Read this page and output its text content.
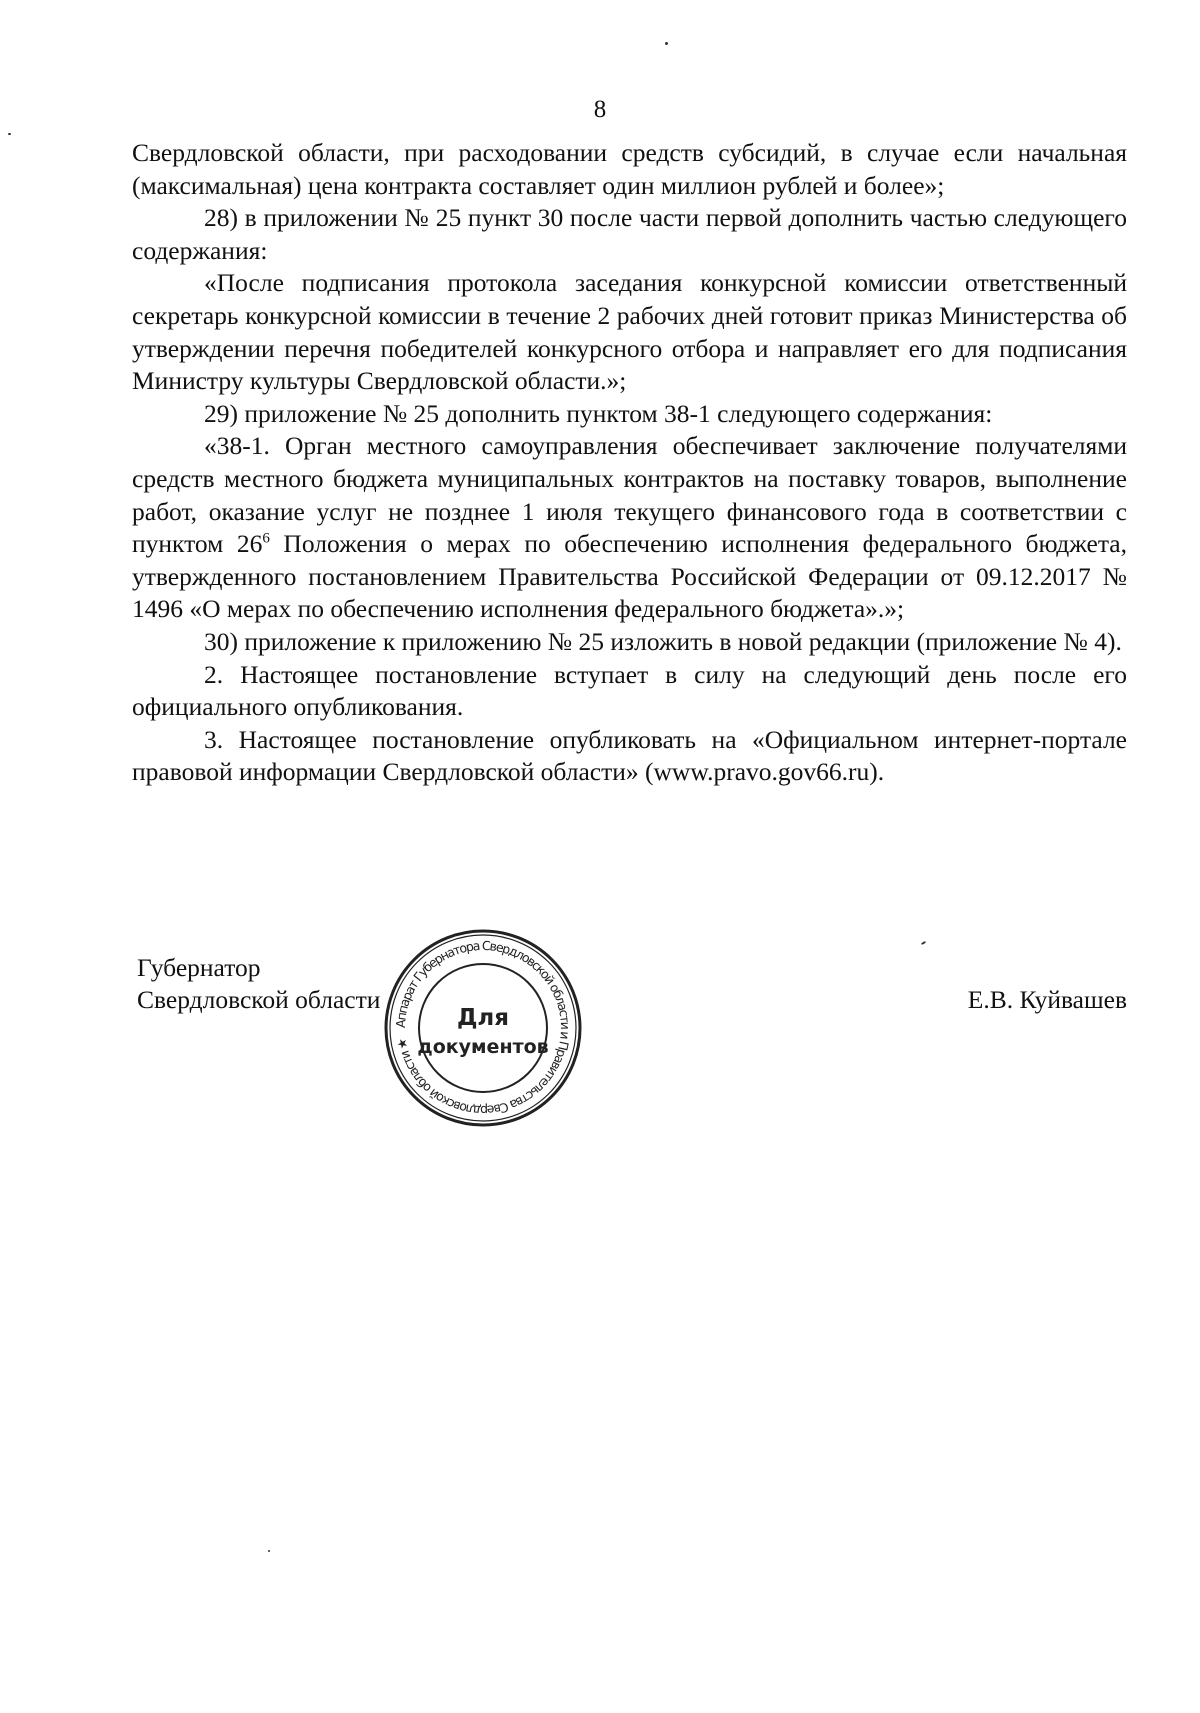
8

Свердловской области, при расходовании средств субсидий, в случае если начальная (максимальная) цена контракта составляет один миллион рублей и более»;

28) в приложении № 25 пункт 30 после части первой дополнить частью следующего содержания:

«После подписания протокола заседания конкурсной комиссии ответственный секретарь конкурсной комиссии в течение 2 рабочих дней готовит приказ Министерства об утверждении перечня победителей конкурсного отбора и направляет его для подписания Министру культуры Свердловской области.»;

29) приложение № 25 дополнить пунктом 38-1 следующего содержания:

«38-1. Орган местного самоуправления обеспечивает заключение получателями средств местного бюджета муниципальных контрактов на поставку товаров, выполнение работ, оказание услуг не позднее 1 июля текущего финансового года в соответствии с пунктом $26^6$ Положения о мерах по обеспечению исполнения федерального бюджета, утвержденного постановлением Правительства Российской Федерации от 09.12.2017 № 1496 «О мерах по обеспечению исполнения федерального бюджета».»;

30) приложение к приложению № 25 изложить в новой редакции (приложение № 4).

2. Настоящее постановление вступает в силу на следующий день после его официального опубликования.

3. Настоящее постановление опубликовать на «Официальном интернет-портале правовой информации Свердловской области» (www.pravo.gov66.ru).

Губернатор
Свердловской области
Аппарат Губернатора Свердловской области и Правительства Свердловской области ★
Для
документов
Е.В. Куйвашев
